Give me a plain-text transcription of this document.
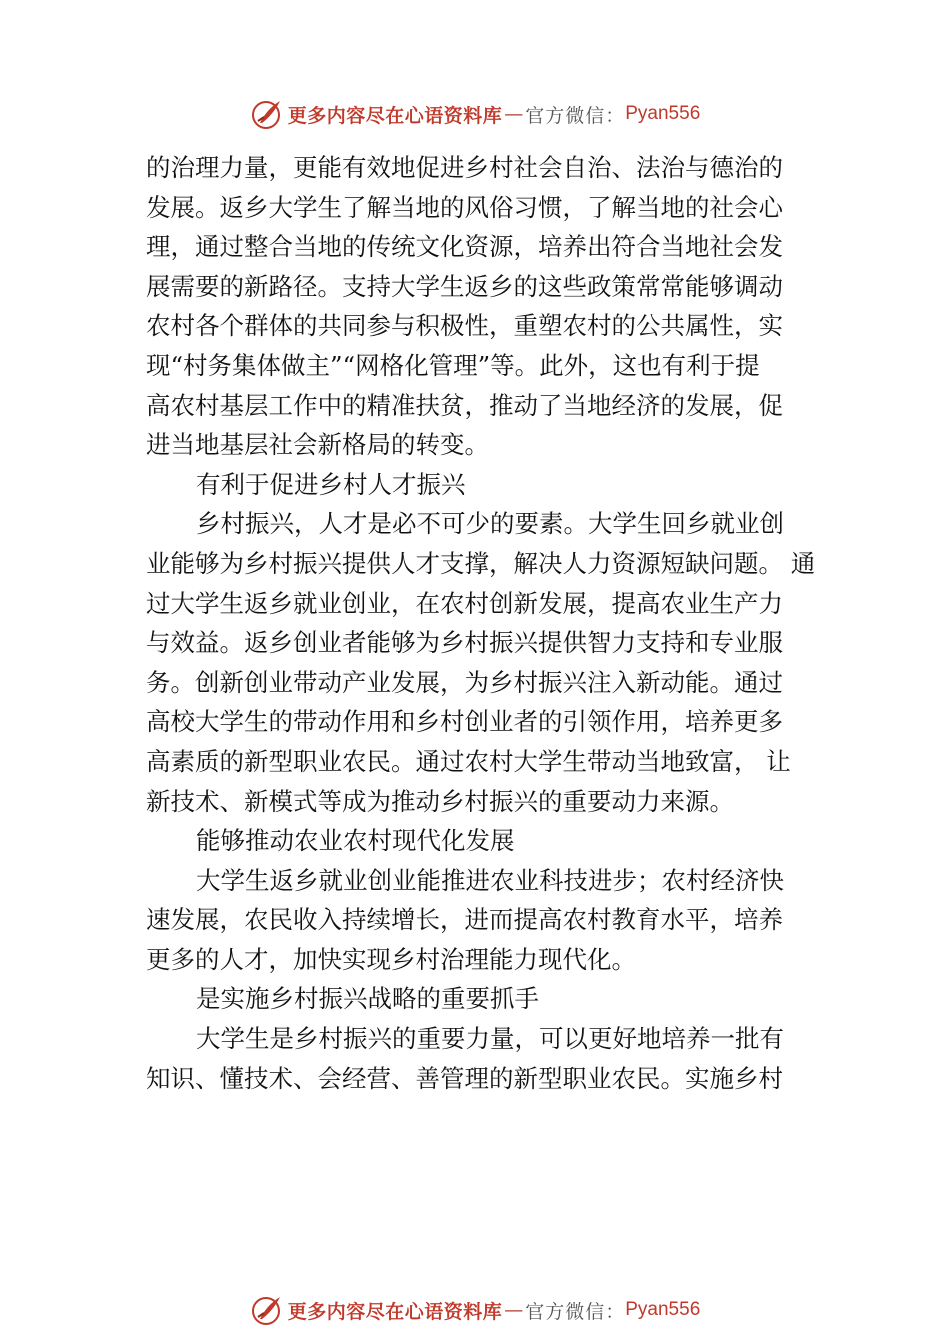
更多内容尽在心语资料库 — 官方微信： Pyan556

的治理力量，更能有效地促进乡村社会自治、法治与德治的

发展。返乡大学生了解当地的风俗习惯，了解当地的社会心

理，通过整合当地的传统文化资源，培养出符合当地社会发

展需要的新路径。支持大学生返乡的这些政策常常能够调动

农村各个群体的共同参与积极性，重塑农村的公共属性，实

现“村务集体做主”“网格化管理”等。此外，这也有利于提

高农村基层工作中的精准扶贫，推动了当地经济的发展，促

进当地基层社会新格局的转变。

有利于促进乡村人才振兴

乡村振兴，人才是必不可少的要素。大学生回乡就业创

业能够为乡村振兴提供人才支撑，解决人力资源短缺问题。 通

过大学生返乡就业创业，在农村创新发展，提高农业生产力

与效益。返乡创业者能够为乡村振兴提供智力支持和专业服

务。创新创业带动产业发展，为乡村振兴注入新动能。通过

高校大学生的带动作用和乡村创业者的引领作用，培养更多

高素质的新型职业农民。通过农村大学生带动当地致富， 让

新技术、新模式等成为推动乡村振兴的重要动力来源。

能够推动农业农村现代化发展

大学生返乡就业创业能推进农业科技进步；农村经济快

速发展，农民收入持续增长，进而提高农村教育水平，培养

更多的人才，加快实现乡村治理能力现代化。

是实施乡村振兴战略的重要抓手

大学生是乡村振兴的重要力量，可以更好地培养一批有

知识、懂技术、会经营、善管理的新型职业农民。实施乡村

更多内容尽在心语资料库 — 官方微信： Pyan556
